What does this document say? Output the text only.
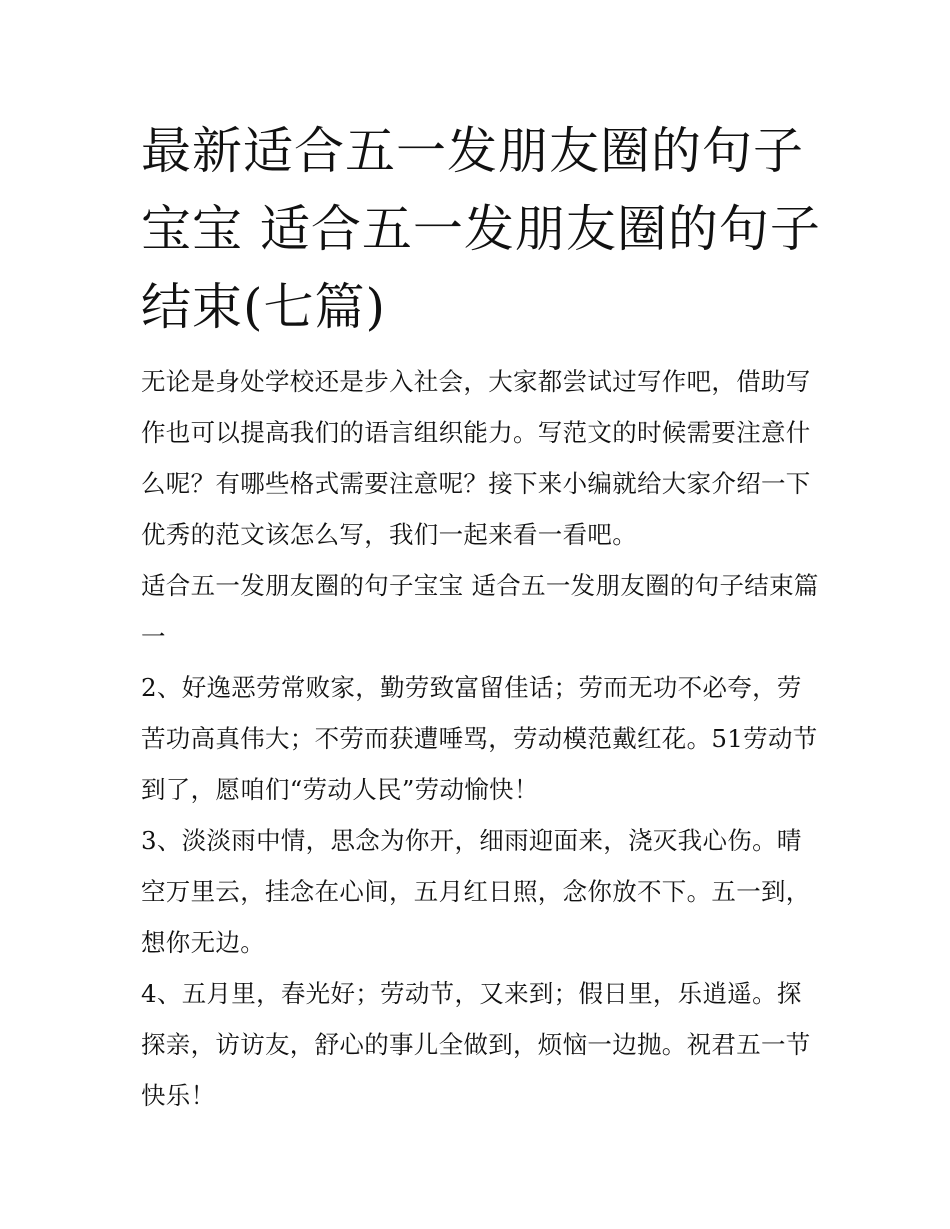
最新适合五一发朋友圈的句子宝宝 适合五一发朋友圈的句子结束(七篇)

无论是身处学校还是步入社会，大家都尝试过写作吧，借助写作也可以提高我们的语言组织能力。写范文的时候需要注意什么呢？有哪些格式需要注意呢？接下来小编就给大家介绍一下优秀的范文该怎么写，我们一起来看一看吧。

适合五一发朋友圈的句子宝宝 适合五一发朋友圈的句子结束篇一

2、好逸恶劳常败家，勤劳致富留佳话；劳而无功不必夸，劳苦功高真伟大；不劳而获遭唾骂，劳动模范戴红花。51劳动节到了，愿咱们“劳动人民”劳动愉快！

3、淡淡雨中情，思念为你开，细雨迎面来，浇灭我心伤。晴空万里云，挂念在心间，五月红日照，念你放不下。五一到，想你无边。

4、五月里，春光好；劳动节，又来到；假日里，乐逍遥。探探亲，访访友，舒心的事儿全做到，烦恼一边抛。祝君五一节快乐！
